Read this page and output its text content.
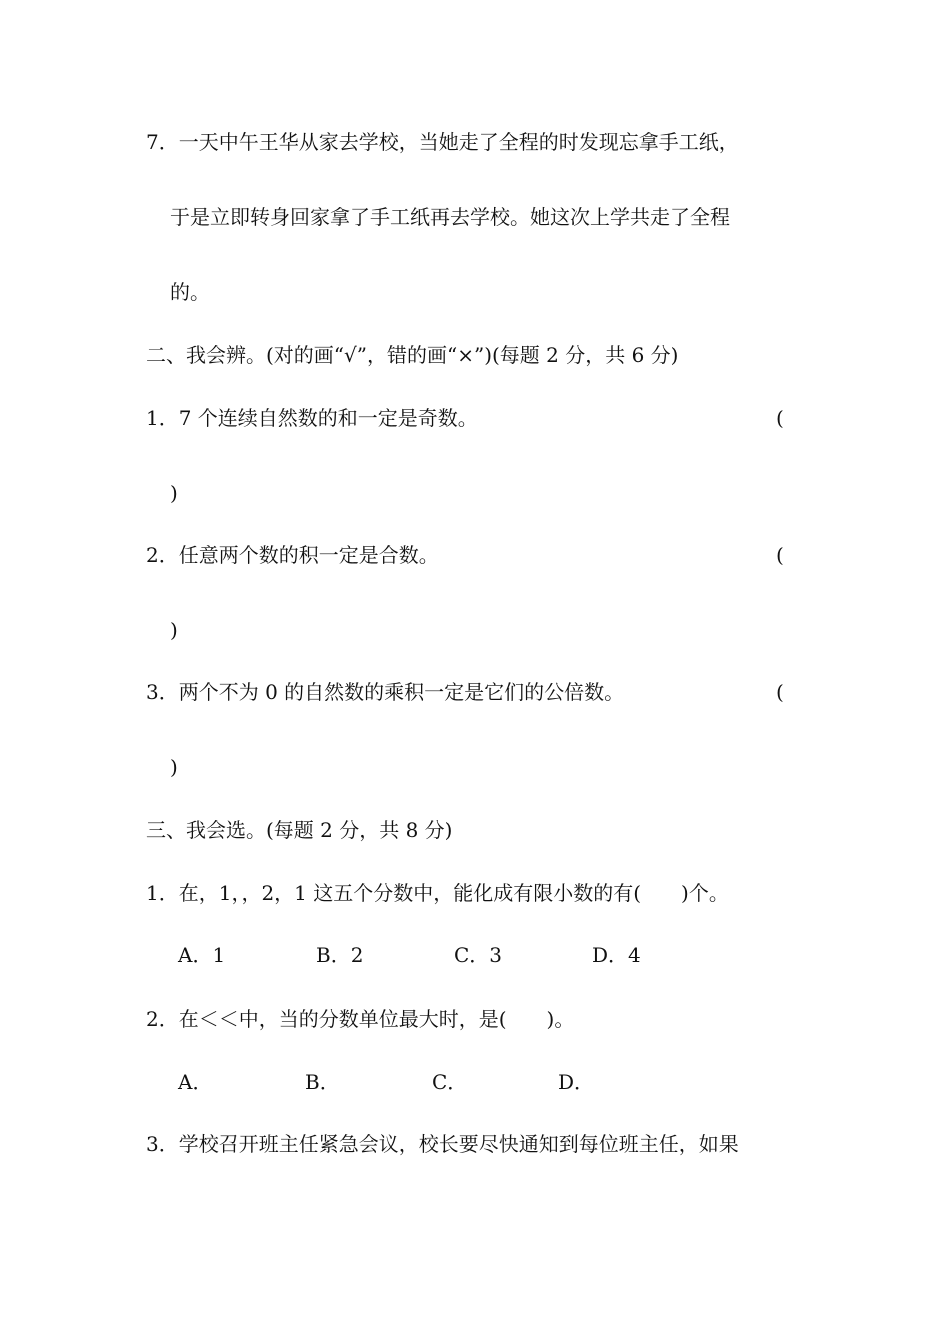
7．一天中午王华从家去学校，当她走了全程的时发现忘拿手工纸，
于是立即转身回家拿了手工纸再去学校。她这次上学共走了全程
的。
二、我会辨。(对的画“√”，错的画“×”)(每题 2 分，共 6 分)
1．7 个连续自然数的和一定是奇数。	(
)
2．任意两个数的积一定是合数。	(
)
3．两个不为 0 的自然数的乘积一定是它们的公倍数。	(
)
三、我会选。(每题 2 分，共 8 分)
1．在，1，，2，1 这五个分数中，能化成有限小数的有(　　)个。
A．1	B．2	C．3	D．4
2．在＜＜中，当的分数单位最大时，是(　　)。
A．	B．	C．	D．
3．学校召开班主任紧急会议，校长要尽快通知到每位班主任，如果
